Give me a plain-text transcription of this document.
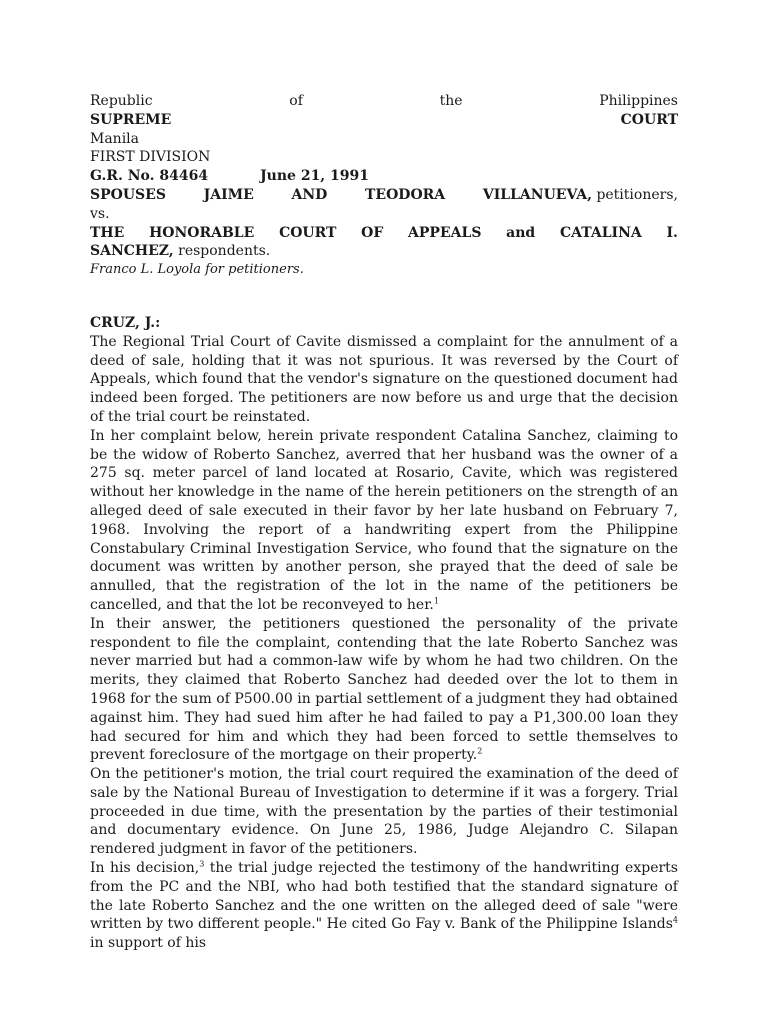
Republic	of	the	Philippines
SUPREME	COURT
Manila
FIRST DIVISION
G.R. No. 84464	June 21, 1991
SPOUSES	JAIME	AND	TEODORA	VILLANUEVA, petitioners,
vs.
THE HONORABLE COURT OF APPEALS and CATALINA I.
SANCHEZ, respondents.
Franco L. Loyola for petitioners.
CRUZ, J.:
The Regional Trial Court of Cavite dismissed a complaint for the annulment of a deed of sale, holding that it was not spurious. It was reversed by the Court of Appeals, which found that the vendor's signature on the questioned document had indeed been forged. The petitioners are now before us and urge that the decision of the trial court be reinstated.
In her complaint below, herein private respondent Catalina Sanchez, claiming to be the widow of Roberto Sanchez, averred that her husband was the owner of a 275 sq. meter parcel of land located at Rosario, Cavite, which was registered without her knowledge in the name of the herein petitioners on the strength of an alleged deed of sale executed in their favor by her late husband on February 7, 1968. Involving the report of a handwriting expert from the Philippine Constabulary Criminal Investigation Service, who found that the signature on the document was written by another person, she prayed that the deed of sale be annulled, that the registration of the lot in the name of the petitioners be cancelled, and that the lot be reconveyed to her.$^1$
In their answer, the petitioners questioned the personality of the private respondent to file the complaint, contending that the late Roberto Sanchez was never married but had a common-law wife by whom he had two children. On the merits, they claimed that Roberto Sanchez had deeded over the lot to them in 1968 for the sum of P500.00 in partial settlement of a judgment they had obtained against him. They had sued him after he had failed to pay a P1,300.00 loan they had secured for him and which they had been forced to settle themselves to prevent foreclosure of the mortgage on their property.$^2$
On the petitioner's motion, the trial court required the examination of the deed of sale by the National Bureau of Investigation to determine if it was a forgery. Trial proceeded in due time, with the presentation by the parties of their testimonial and documentary evidence. On June 25, 1986, Judge Alejandro C. Silapan rendered judgment in favor of the petitioners.
In his decision,$^3$ the trial judge rejected the testimony of the handwriting experts from the PC and the NBI, who had both testified that the standard signature of the late Roberto Sanchez and the one written on the alleged deed of sale "were written by two different people." He cited Go Fay v. Bank of the Philippine Islands$^4$ in support of his
